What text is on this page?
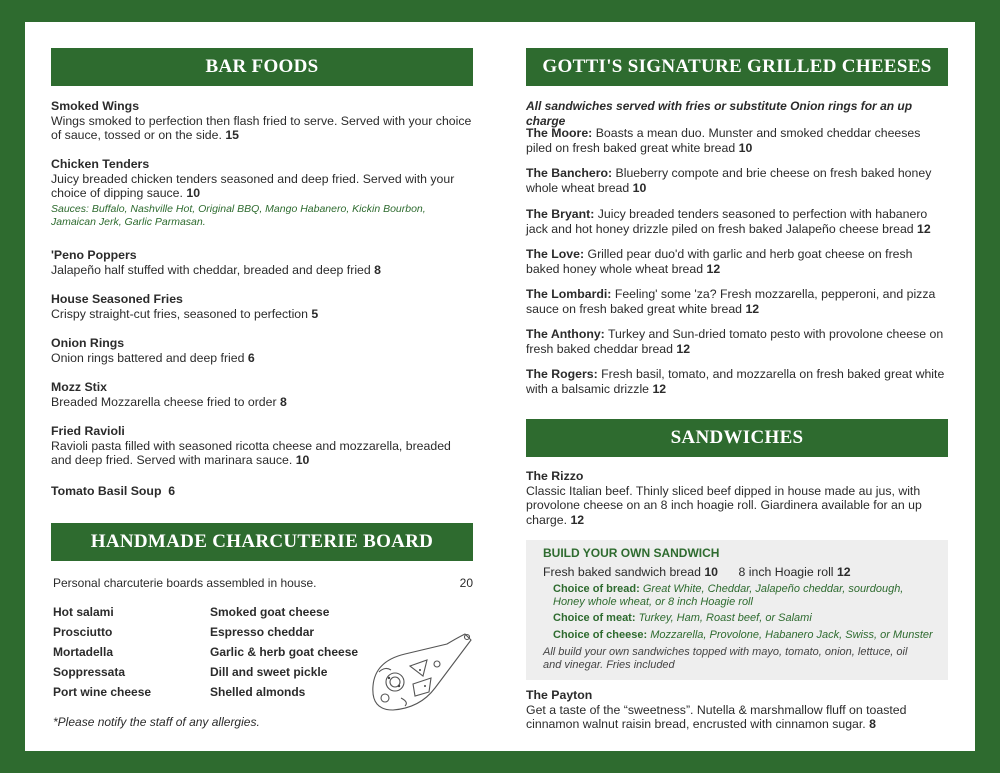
BAR FOODS
Smoked Wings
Wings smoked to perfection then flash fried to serve. Served with your choice of sauce, tossed or on the side. 15
Chicken Tenders
Juicy breaded chicken tenders seasoned and deep fried. Served with your choice of dipping sauce. 10
Sauces: Buffalo, Nashville Hot, Original BBQ, Mango Habanero, Kickin Bourbon, Jamaican Jerk, Garlic Parmasan.
'Peno Poppers
Jalapeño half stuffed with cheddar, breaded and deep fried 8
House Seasoned Fries
Crispy straight-cut fries, seasoned to perfection 5
Onion Rings
Onion rings battered and deep fried 6
Mozz Stix
Breaded Mozzarella cheese fried to order 8
Fried Ravioli
Ravioli pasta filled with seasoned ricotta cheese and mozzarella, breaded and deep fried. Served with marinara sauce. 10
Tomato Basil Soup 6
HANDMADE CHARCUTERIE BOARD
Personal charcuterie boards assembled in house.	20
Hot salami
Prosciutto
Mortadella
Soppressata
Port wine cheese
Smoked goat cheese
Espresso cheddar
Garlic & herb goat cheese
Dill and sweet pickle
Shelled almonds
*Please notify the staff of any allergies.
GOTTI'S SIGNATURE GRILLED CHEESES
All sandwiches served with fries or substitute Onion rings for an up charge
The Moore: Boasts a mean duo. Munster and smoked cheddar cheeses piled on fresh baked great white bread 10
The Banchero: Blueberry compote and brie cheese on fresh baked honey whole wheat bread 10
The Bryant: Juicy breaded tenders seasoned to perfection with habanero jack and hot honey drizzle piled on fresh baked Jalapeño cheese bread 12
The Love: Grilled pear duo'd with garlic and herb goat cheese on fresh baked honey whole wheat bread 12
The Lombardi: Feeling' some 'za? Fresh mozzarella, pepperoni, and pizza sauce on fresh baked great white bread 12
The Anthony: Turkey and Sun-dried tomato pesto with provolone cheese on fresh baked cheddar bread 12
The Rogers: Fresh basil, tomato, and mozzarella on fresh baked great white with a balsamic drizzle 12
SANDWICHES
The Rizzo
Classic Italian beef. Thinly sliced beef dipped in house made au jus, with provolone cheese on an 8 inch hoagie roll. Giardinera available for an up charge. 12
BUILD YOUR OWN SANDWICH
Fresh baked sandwich bread 10 8 inch Hoagie roll 12
Choice of bread: Great White, Cheddar, Jalapeño cheddar, sourdough, Honey whole wheat, or 8 inch Hoagie roll
Choice of meat: Turkey, Ham, Roast beef, or Salami
Choice of cheese: Mozzarella, Provolone, Habanero Jack, Swiss, or Munster
All build your own sandwiches topped with mayo, tomato, onion, lettuce, oil and vinegar. Fries included
The Payton
Get a taste of the “sweetness”. Nutella & marshmallow fluff on toasted cinnamon walnut raisin bread, encrusted with cinnamon sugar. 8
